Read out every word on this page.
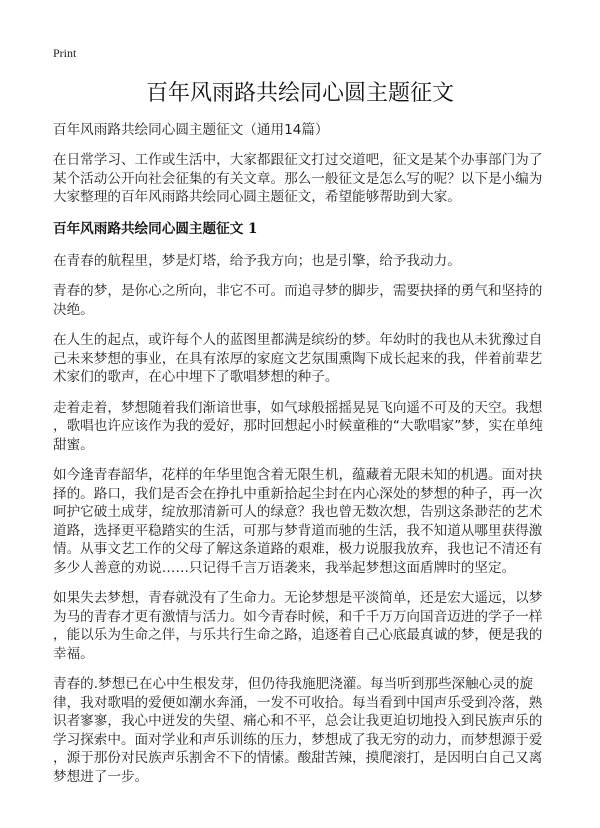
Print
百年风雨路共绘同心圆主题征文

百年风雨路共绘同心圆主题征文（通用14篇）

在日常学习、工作或生活中，大家都跟征文打过交道吧，征文是某个办事部门为了
某个活动公开向社会征集的有关文章。那么一般征文是怎么写的呢？以下是小编为
大家整理的百年风雨路共绘同心圆主题征文，希望能够帮助到大家。

百年风雨路共绘同心圆主题征文 1

在青春的航程里，梦是灯塔，给予我方向；也是引擎，给予我动力。

青春的梦，是你心之所向，非它不可。而追寻梦的脚步，需要抉择的勇气和坚持的
决绝。

在人生的起点，或许每个人的蓝图里都满是缤纷的梦。年幼时的我也从未犹豫过自
己未来梦想的事业，在具有浓厚的家庭文艺氛围熏陶下成长起来的我，伴着前辈艺
术家们的歌声，在心中埋下了歌唱梦想的种子。

走着走着，梦想随着我们渐谙世事，如气球般摇摇晃晃飞向遥不可及的天空。我想
，歌唱也许应该作为我的爱好，那时回想起小时候童稚的“大歌唱家”梦，实在单纯
甜蜜。

如今逢青春韶华，花样的年华里饱含着无限生机，蕴藏着无限未知的机遇。面对抉
择的。路口，我们是否会在挣扎中重新拾起尘封在内心深处的梦想的种子，再一次
呵护它破土成芽，绽放那清新可人的绿意？我也曾无数次想，告别这条渺茫的艺术
道路，选择更平稳踏实的生活，可那与梦背道而驰的生活，我不知道从哪里获得激
情。从事文艺工作的父母了解这条道路的艰难，极力说服我放弃，我也记不清还有
多少人善意的劝说……只记得千言万语袭来，我举起梦想这面盾牌时的坚定。

如果失去梦想，青春就没有了生命力。无论梦想是平淡简单，还是宏大遥远，以梦
为马的青春才更有激情与活力。如今青春时候，和千千万万向国音迈进的学子一样
，能以乐为生命之伴，与乐共行生命之路，追逐着自己心底最真诚的梦，便是我的
幸福。

青春的.梦想已在心中生根发芽，但仍待我施肥浇灌。每当听到那些深触心灵的旋
律，我对歌唱的爱便如潮水奔涌，一发不可收拾。每当看到中国声乐受到冷落，熟
识者寥寥，我心中迸发的失望、痛心和不平，总会让我更迫切地投入到民族声乐的
学习探索中。面对学业和声乐训练的压力，梦想成了我无穷的动力，而梦想源于爱
，源于那份对民族声乐割舍不下的情愫。酸甜苦辣，摸爬滚打，是因明白自己又离
梦想进了一步。
